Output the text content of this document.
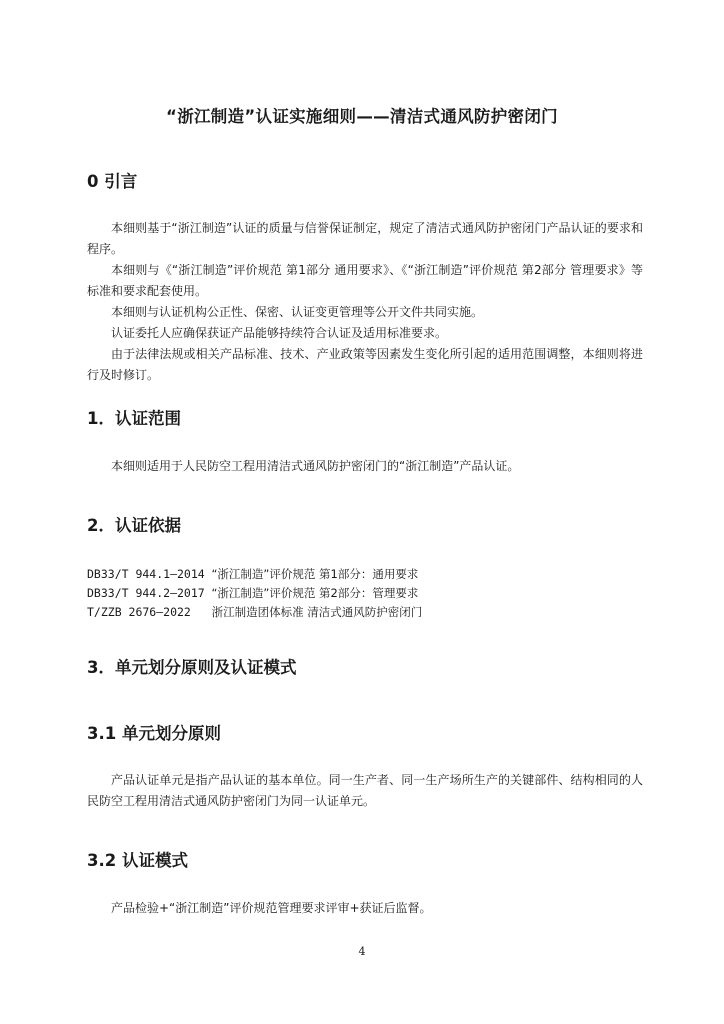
“浙江制造”认证实施细则——清洁式通风防护密闭门
0 引言
本细则基于“浙江制造”认证的质量与信誉保证制定，规定了清洁式通风防护密闭门产品认证的要求和程序。
本细则与《“浙江制造”评价规范 第1部分 通用要求》、《“浙江制造”评价规范 第2部分 管理要求》等标准和要求配套使用。
本细则与认证机构公正性、保密、认证变更管理等公开文件共同实施。
认证委托人应确保获证产品能够持续符合认证及适用标准要求。
由于法律法规或相关产品标准、技术、产业政策等因素发生变化所引起的适用范围调整，本细则将进行及时修订。
1．认证范围
本细则适用于人民防空工程用清洁式通风防护密闭门的“浙江制造”产品认证。
2．认证依据
DB33/T 944.1—2014 “浙江制造”评价规范 第1部分：通用要求
DB33/T 944.2—2017 “浙江制造”评价规范 第2部分：管理要求
T/ZZB 2676—2022 浙江制造团体标准 清洁式通风防护密闭门
3．单元划分原则及认证模式
3.1 单元划分原则
产品认证单元是指产品认证的基本单位。同一生产者、同一生产场所生产的关键部件、结构相同的人民防空工程用清洁式通风防护密闭门为同一认证单元。
3.2 认证模式
产品检验+“浙江制造”评价规范管理要求评审+获证后监督。
4
